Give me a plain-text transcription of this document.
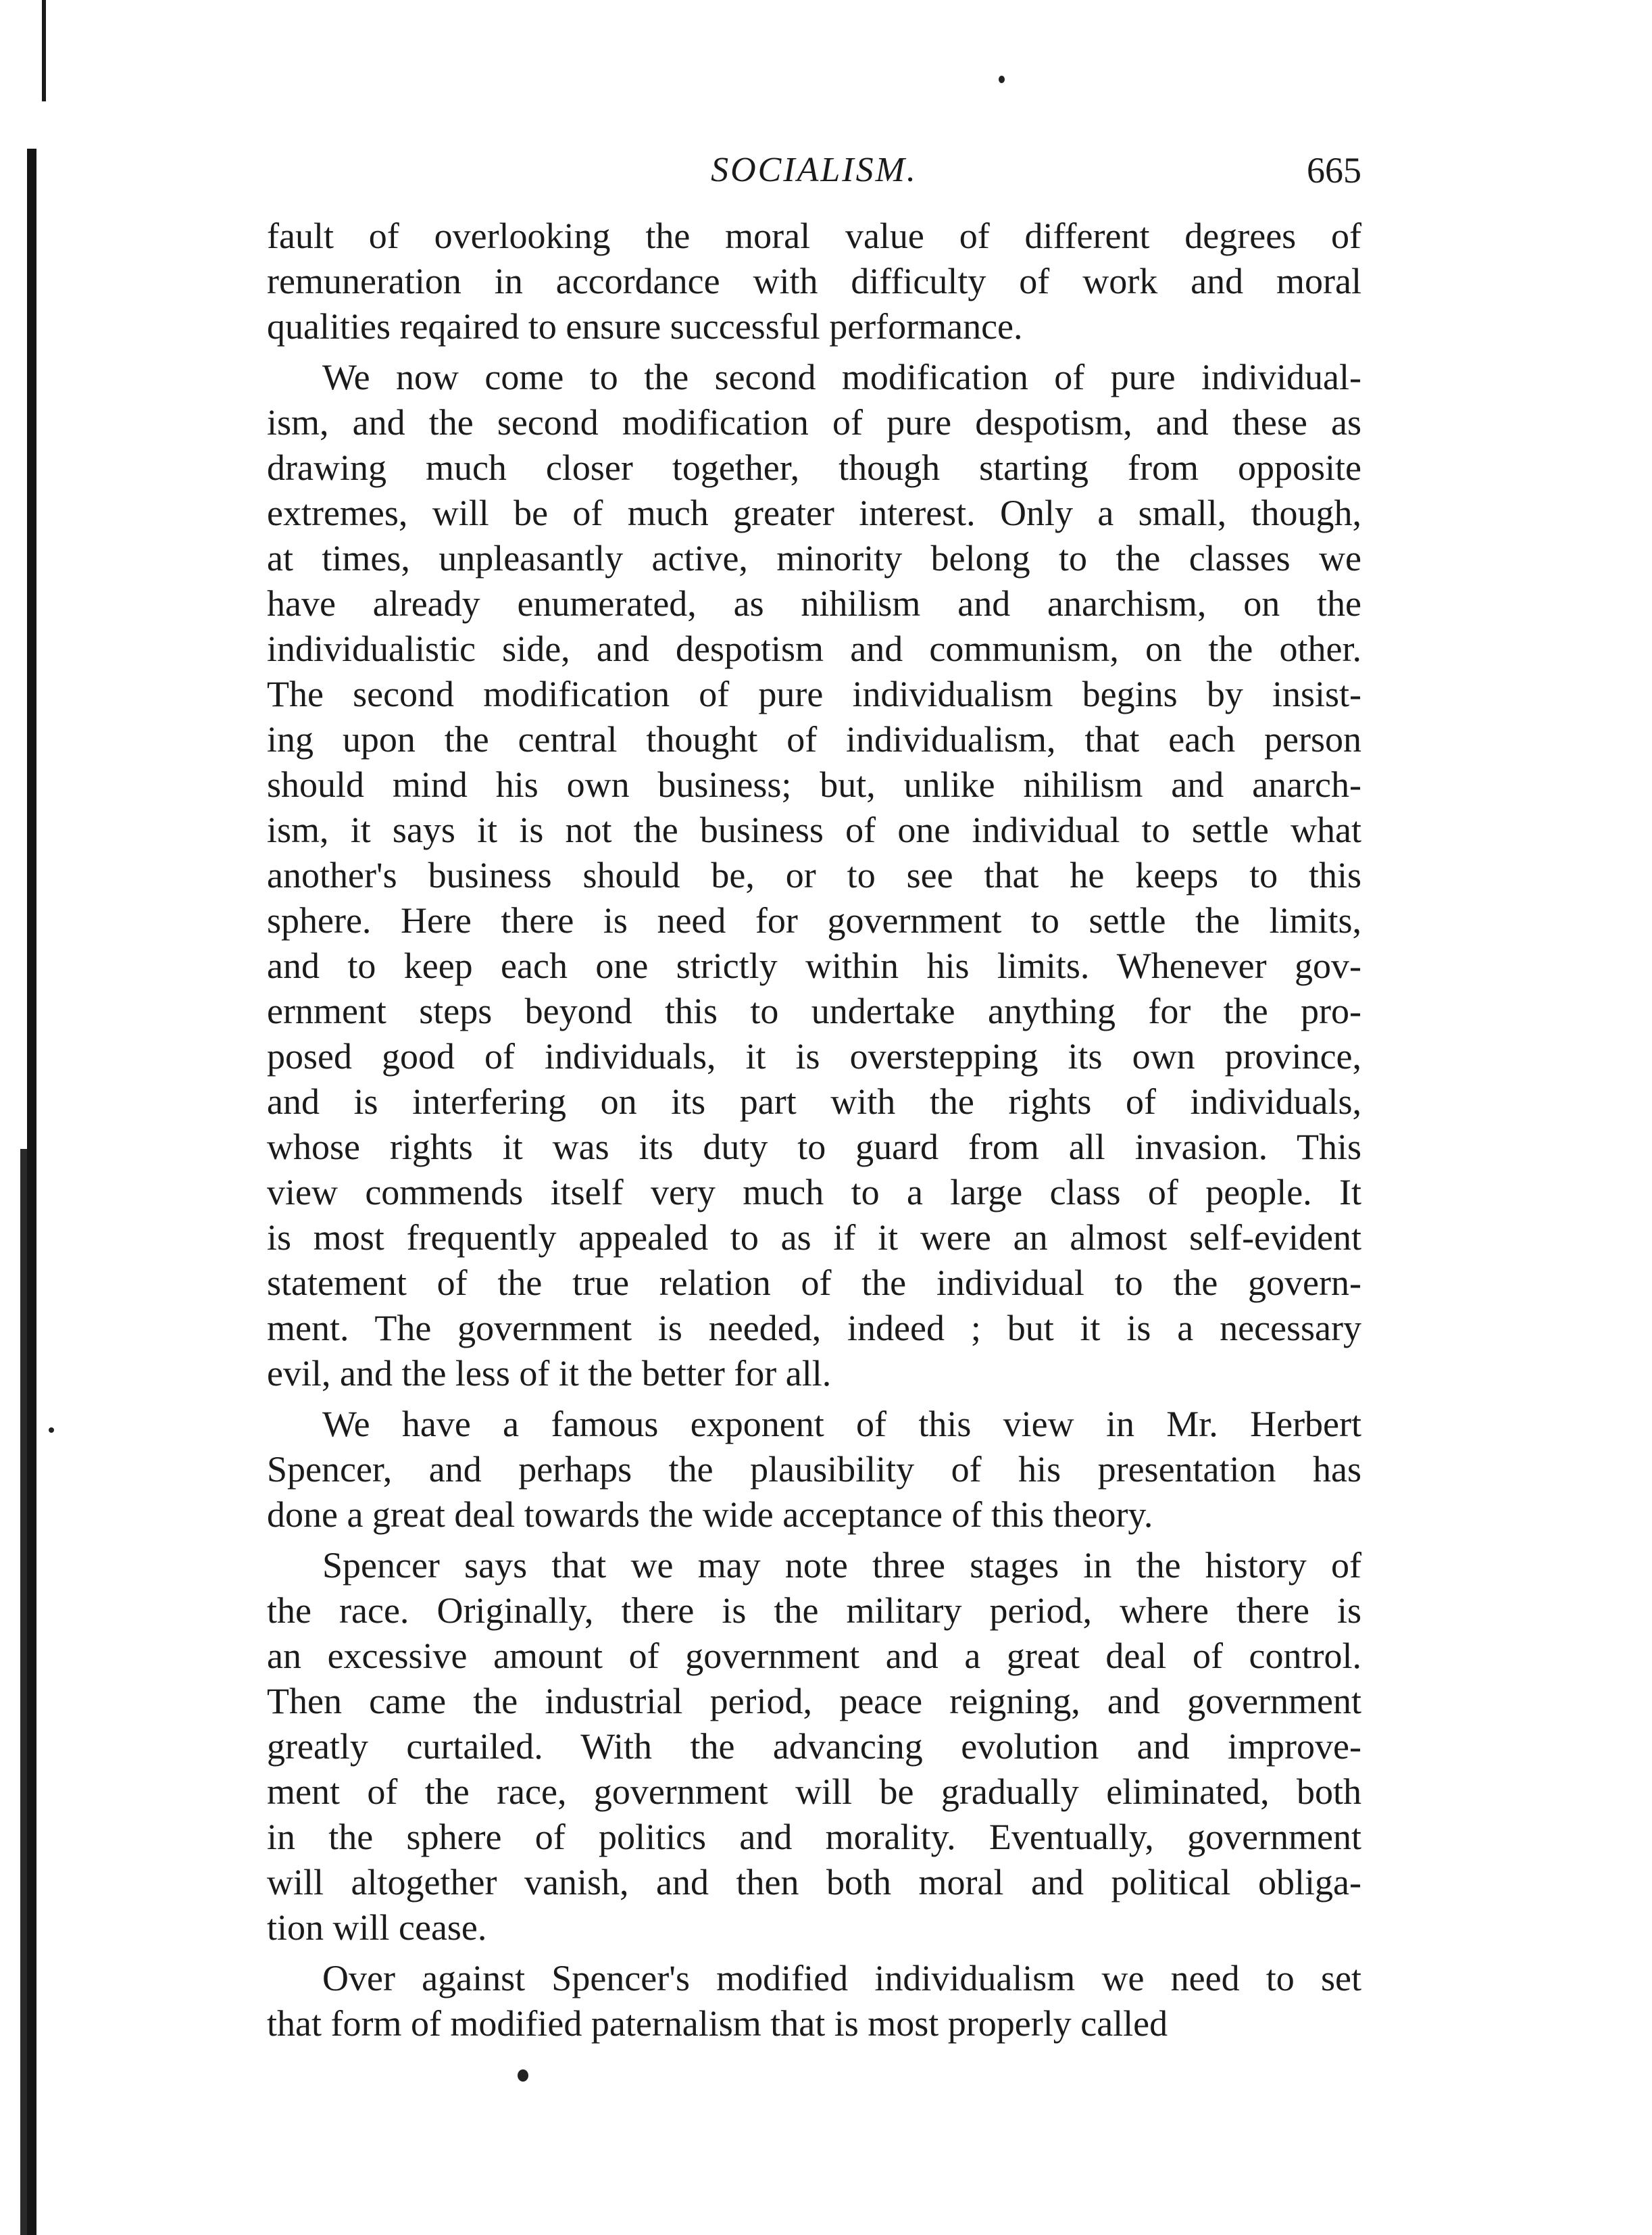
SOCIALISM.	665
fault of overlooking the moral value of different degrees of
remuneration in accordance with difficulty of work and moral
qualities reqaired to ensure successful performance.
We now come to the second modification of pure individual-
ism, and the second modification of pure despotism, and these as
drawing much closer together, though starting from opposite
extremes, will be of much greater interest. Only a small, though,
at times, unpleasantly active, minority belong to the classes we
have already enumerated, as nihilism and anarchism, on the
individualistic side, and despotism and communism, on the other.
The second modification of pure individualism begins by insist-
ing upon the central thought of individualism, that each person
should mind his own business; but, unlike nihilism and anarch-
ism, it says it is not the business of one individual to settle what
another's business should be, or to see that he keeps to this
sphere. Here there is need for government to settle the limits,
and to keep each one strictly within his limits. Whenever gov-
ernment steps beyond this to undertake anything for the pro-
posed good of individuals, it is overstepping its own province,
and is interfering on its part with the rights of individuals,
whose rights it was its duty to guard from all invasion. This
view commends itself very much to a large class of people. It
is most frequently appealed to as if it were an almost self-evident
statement of the true relation of the individual to the govern-
ment. The government is needed, indeed ; but it is a necessary
evil, and the less of it the better for all.
We have a famous exponent of this view in Mr. Herbert
Spencer, and perhaps the plausibility of his presentation has
done a great deal towards the wide acceptance of this theory.
Spencer says that we may note three stages in the history of
the race. Originally, there is the military period, where there is
an excessive amount of government and a great deal of control.
Then came the industrial period, peace reigning, and government
greatly curtailed. With the advancing evolution and improve-
ment of the race, government will be gradually eliminated, both
in the sphere of politics and morality. Eventually, government
will altogether vanish, and then both moral and political obliga-
tion will cease.
Over against Spencer's modified individualism we need to set
that form of modified paternalism that is most properly called
